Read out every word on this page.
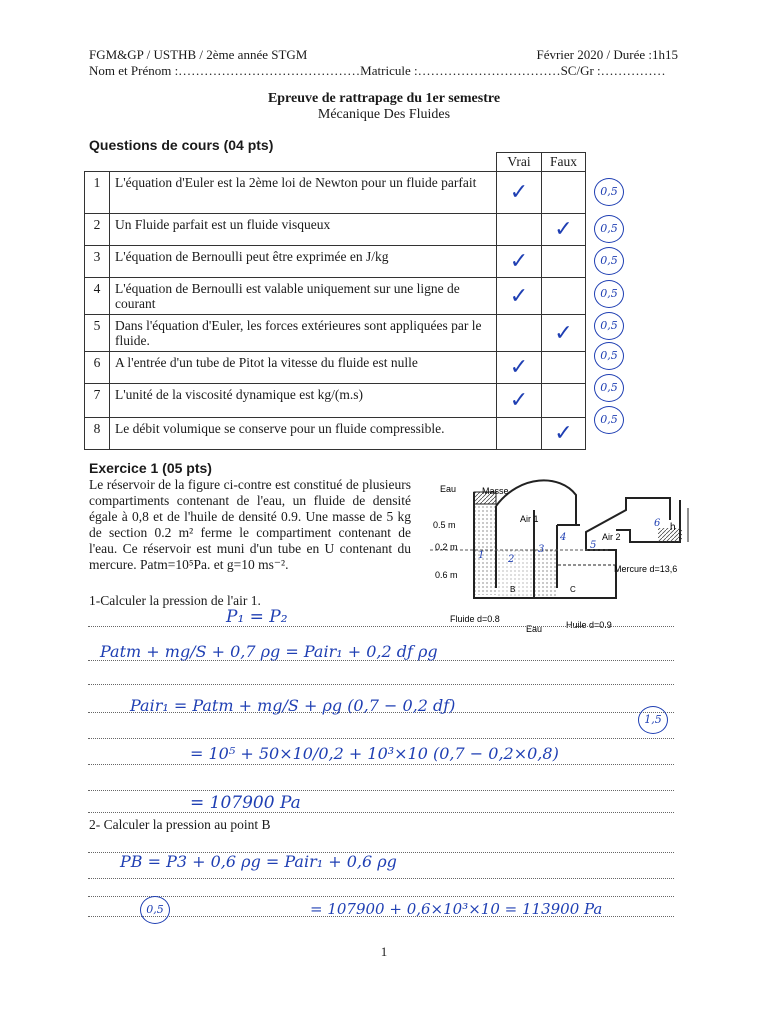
FGM&GP / USTHB / 2ème année STGM	Février 2020 / Durée :1h15
Nom et Prénom :……………………………………Matricule :……………………………SC/Gr :……………
Epreuve de rattrapage du 1er semestre
Mécanique Des Fluides
Questions de cours (04 pts)
		Vrai	Faux
1	L'équation d'Euler est la 2ème loi de Newton pour un fluide parfait	✓	
2	Un Fluide parfait est un fluide visqueux		✓
3	L'équation de Bernoulli peut être exprimée en J/kg	✓	
4	L'équation de Bernoulli est valable uniquement sur une ligne de courant	✓	
5	Dans l'équation d'Euler, les forces extérieures sont appliquées par le fluide.		✓
6	A l'entrée d'un tube de Pitot la vitesse du fluide est nulle	✓	
7	L'unité de la viscosité dynamique est kg/(m.s)	✓	
8	Le débit volumique se conserve pour un fluide compressible.		✓
0,5
0,5
0,5
0,5
0,5
0,5
0,5
0,5
Exercice 1 (05 pts)
Le réservoir de la figure ci-contre est constitué de plusieurs compartiments contenant de l'eau, un fluide de densité égale à 0,8 et de l'huile de densité 0.9. Une masse de 5 kg de section 0.2 m² ferme le compartiment contenant de l'eau. Ce réservoir est muni d'un tube en U contenant du mercure. Patm=10⁵Pa. et g=10 ms⁻².
Eau	Masse
0.5 m
0.2 m
0.6 m
Air 1
Air 2
Fluide d=0.8
Eau	Huile d=0.9
Mercure d=13,6
h
B	C
1 2
3
4
5
6
1-Calculer la pression de l'air 1.
P₁ = P₂
Patm + mg/S + 0,7 ρg = Pair₁ + 0,2 dƒ ρg
Pair₁ = Patm + mg/S + ρg (0,7 − 0,2 dƒ)
= 10⁵ + 50×10/0,2 + 10³×10 (0,7 − 0,2×0,8)
= 107900 Pa
1,5
2- Calculer la pression au point B
PB = P3 + 0,6 ρg = Pair₁ + 0,6 ρg
= 107900 + 0,6×10³×10 = 113900 Pa
0,5
1
